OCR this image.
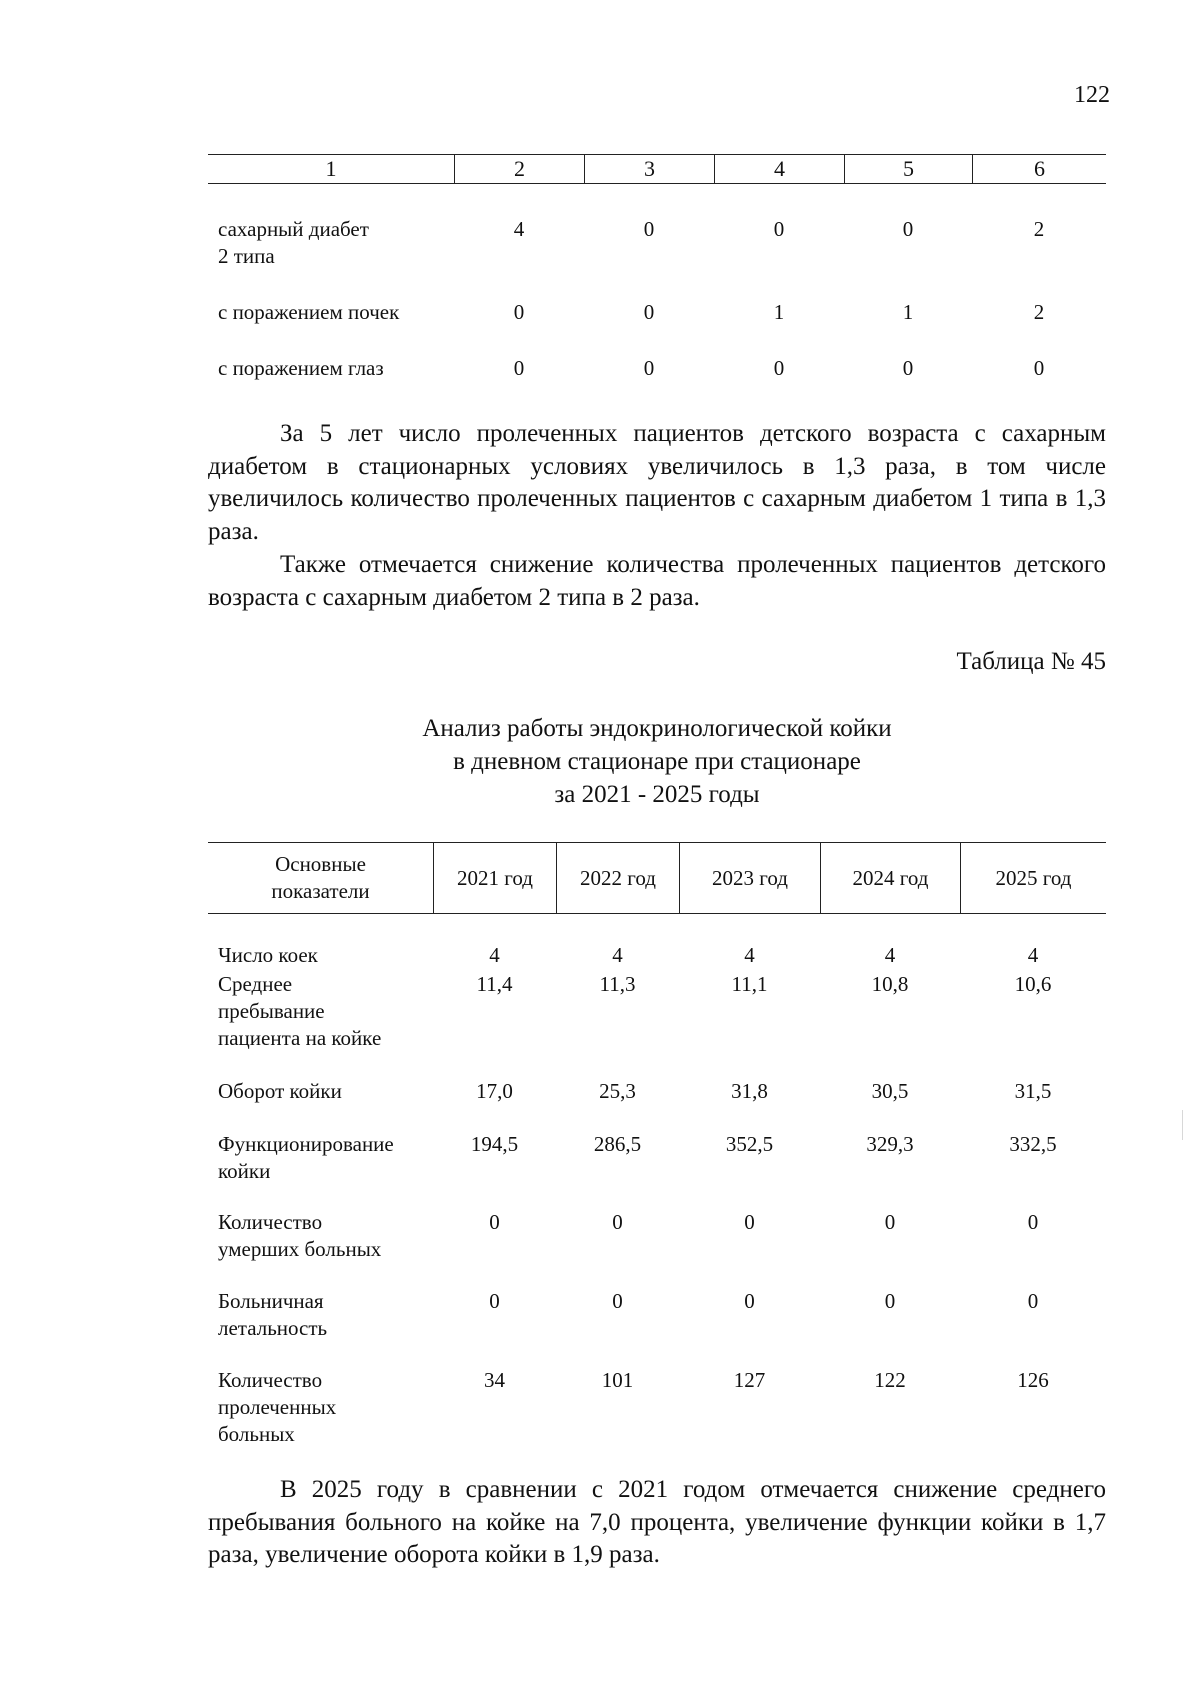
122
1	2	3	4	5	6
сахарный диабет
2 типа
4	0	0	0	2
с поражением почек	0	0	1	1	2
с поражением глаз	0	0	0	0	0

За 5 лет число пролеченных пациентов детского возраста с сахарным диабетом в стационарных условиях увеличилось в 1,3 раза, в том числе увеличилось количество пролеченных пациентов с сахарным диабетом 1 типа в 1,3 раза.

Также отмечается снижение количества пролеченных пациентов детского возраста с сахарным диабетом 2 типа в 2 раза.

Таблица № 45
Анализ работы эндокринологической койки
в дневном стационаре при стационаре
за 2021 - 2025 годы
Основные
показатели
2021 год	2022 год	2023 год	2024 год	2025 год
Число коек	4	4	4	4	4
Среднее
пребывание
пациента на койке
11,4	11,3	11,1	10,8	10,6
Оборот койки	17,0	25,3	31,8	30,5	31,5
Функционирование
койки
194,5	286,5	352,5	329,3	332,5
Количество
умерших больных
0	0	0	0	0
Больничная
летальность
0	0	0	0	0
Количество
пролеченных
больных
34	101	127	122	126

В 2025 году в сравнении с 2021 годом отмечается снижение среднего пребывания больного на койке на 7,0 процента, увеличение функции койки в 1,7 раза, увеличение оборота койки в 1,9 раза.
